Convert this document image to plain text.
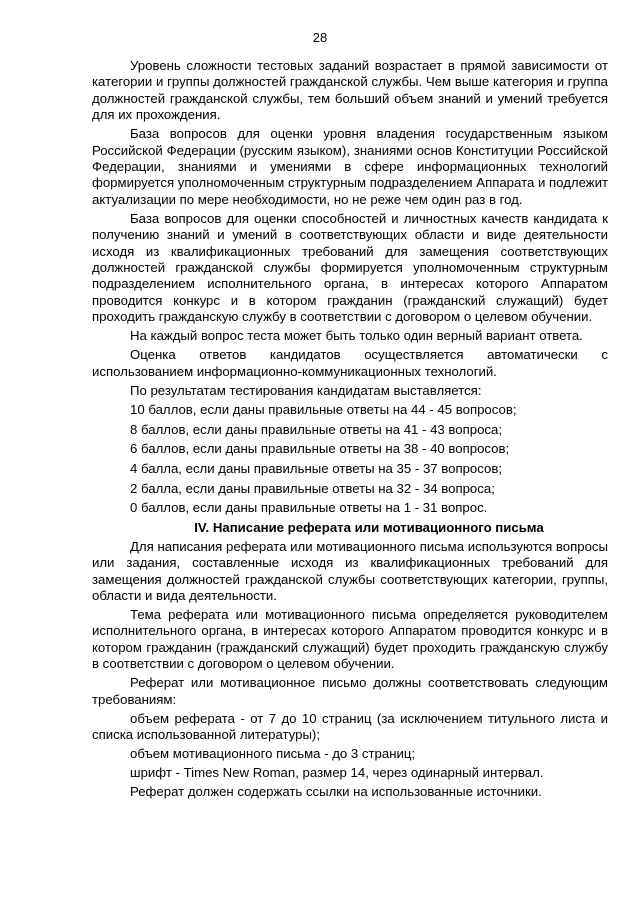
28

Уровень сложности тестовых заданий возрастает в прямой зависимости от категории и группы должностей гражданской службы. Чем выше категория и группа должностей гражданской службы, тем больший объем знаний и умений требуется для их прохождения.

База вопросов для оценки уровня владения государственным языком Российской Федерации (русским языком), знаниями основ Конституции Российской Федерации, знаниями и умениями в сфере информационных технологий формируется уполномоченным структурным подразделением Аппарата и подлежит актуализации по мере необходимости, но не реже чем один раз в год.

База вопросов для оценки способностей и личностных качеств кандидата к получению знаний и умений в соответствующих области и виде деятельности исходя из квалификационных требований для замещения соответствующих должностей гражданской службы формируется уполномоченным структурным подразделением исполнительного органа, в интересах которого Аппаратом проводится конкурс и в котором гражданин (гражданский служащий) будет проходить гражданскую службу в соответствии с договором о целевом обучении.

На каждый вопрос теста может быть только один верный вариант ответа.

Оценка ответов кандидатов осуществляется автоматически с использованием информационно-коммуникационных технологий.

По результатам тестирования кандидатам выставляется:

10 баллов, если даны правильные ответы на 44 - 45 вопросов;

8 баллов, если даны правильные ответы на 41 - 43 вопроса;

6 баллов, если даны правильные ответы на 38 - 40 вопросов;

4 балла, если даны правильные ответы на 35 - 37 вопросов;

2 балла, если даны правильные ответы на 32 - 34 вопроса;

0 баллов, если даны правильные ответы на 1 - 31 вопрос.

IV. Написание реферата или мотивационного письма

Для написания реферата или мотивационного письма используются вопросы или задания, составленные исходя из квалификационных требований для замещения должностей гражданской службы соответствующих категории, группы, области и вида деятельности.

Тема реферата или мотивационного письма определяется руководителем исполнительного органа, в интересах которого Аппаратом проводится конкурс и в котором гражданин (гражданский служащий) будет проходить гражданскую службу в соответствии с договором о целевом обучении.

Реферат или мотивационное письмо должны соответствовать следующим требованиям:

объем реферата - от 7 до 10 страниц (за исключением титульного листа и списка использованной литературы);

объем мотивационного письма - до 3 страниц;

шрифт - Times New Roman, размер 14, через одинарный интервал.

Реферат должен содержать ссылки на использованные источники.
